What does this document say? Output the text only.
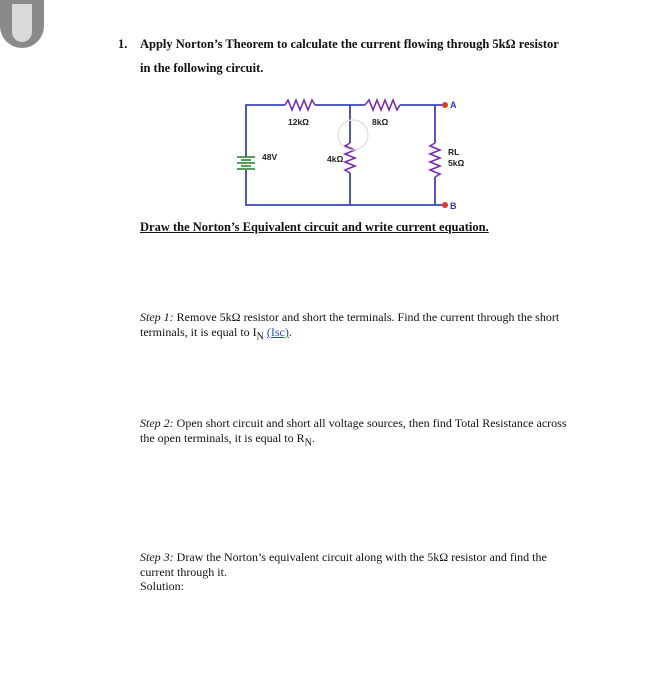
1. Apply Norton’s Theorem to calculate the current flowing through 5kΩ resistor
in the following circuit.
12kΩ	8kΩ
4kΩ
48V	RL
5kΩ
A
B
Draw the Norton’s Equivalent circuit and write current equation.
Step 1: Remove 5kΩ resistor and short the terminals. Find the current through the short terminals, it is equal to $I_N$ (Isc).
Step 2: Open short circuit and short all voltage sources, then find Total Resistance across the open terminals, it is equal to $R_N$.
Step 3: Draw the Norton’s equivalent circuit along with the 5kΩ resistor and find the current through it.
Solution:
